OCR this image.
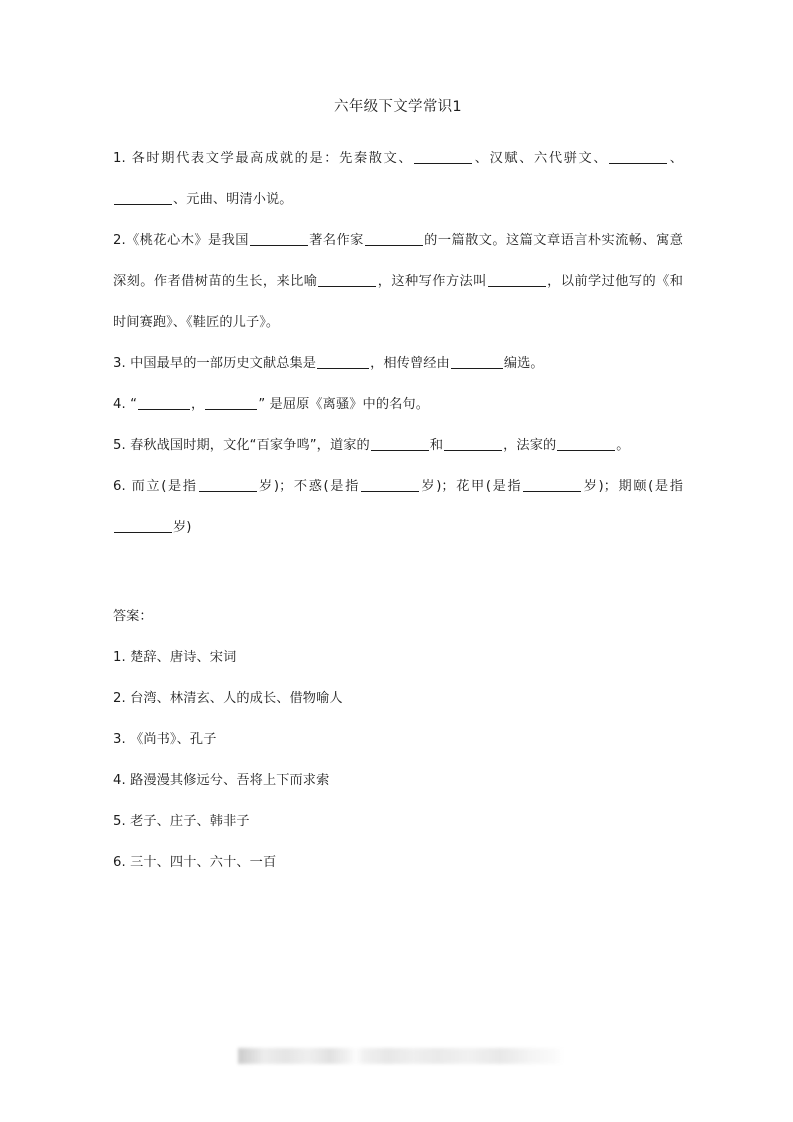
六年级下文学常识1

1. 各时期代表文学最高成就的是：先秦散文、	、汉赋、六代骈文、	、、元曲、明清小说。

2.《桃花心木》是我国	著名作家	的一篇散文。这篇文章语言朴实流畅、寓意深刻。作者借树苗的生长，来比喻	，这种写作方法叫	，以前学过他写的《和时间赛跑》、《鞋匠的儿子》。

3. 中国最早的一部历史文献总集是	，相传曾经由	编选。

4. “	，	” 是屈原《离骚》中的名句。

5. 春秋战国时期，文化“百家争鸣”，道家的	和	，法家的	。

6. 而立(是指	岁)；不惑(是指	岁)；花甲(是指	岁)；期颐(是指岁)

答案：

1. 楚辞、唐诗、宋词

2. 台湾、林清玄、人的成长、借物喻人

3. 《尚书》、孔子

4. 路漫漫其修远兮、吾将上下而求索

5. 老子、庄子、韩非子

6. 三十、四十、六十、一百
